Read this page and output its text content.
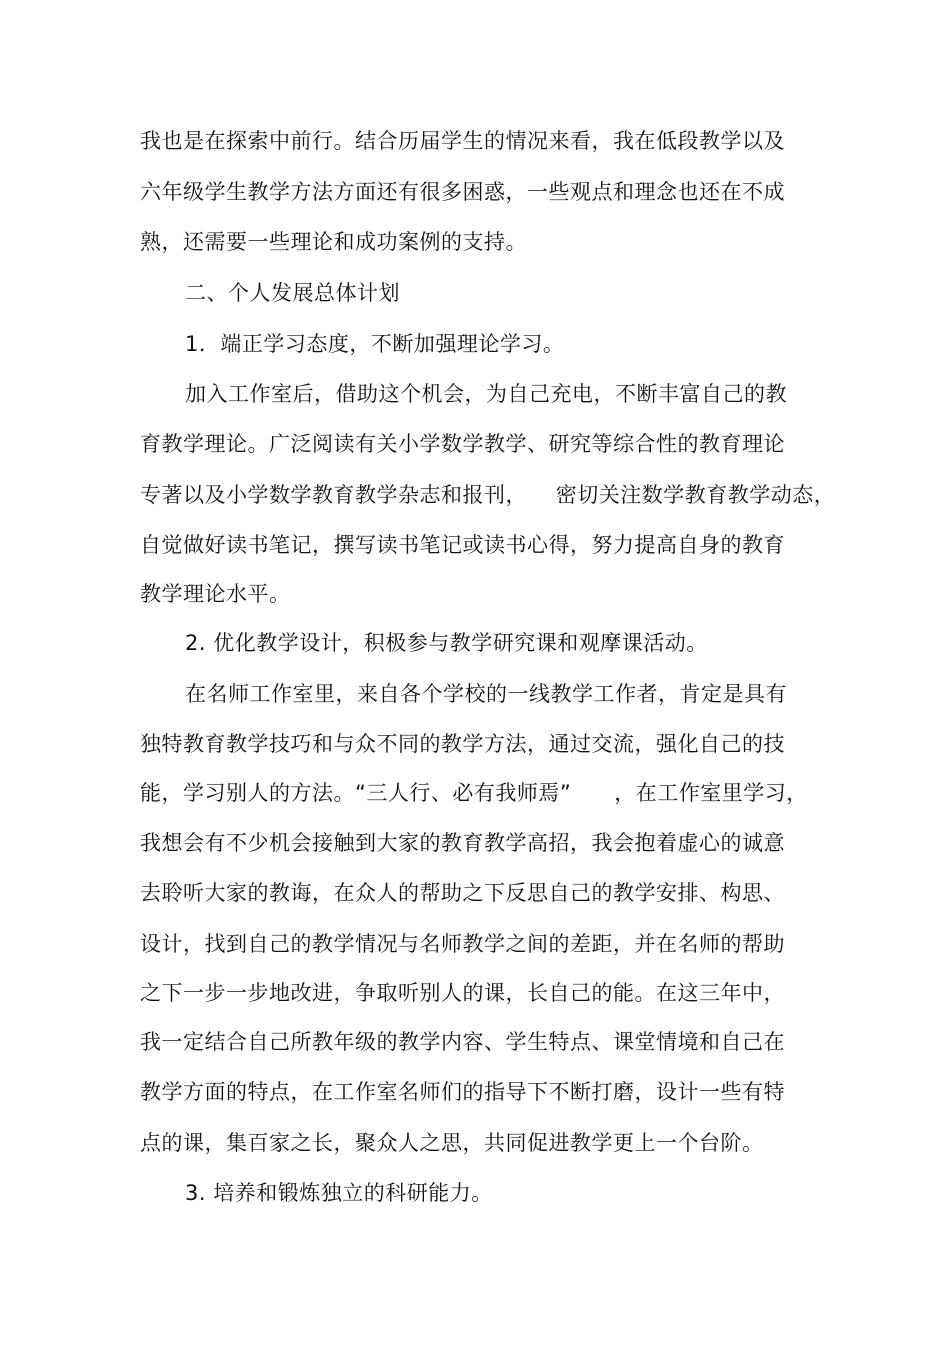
我也是在探索中前行。结合历届学生的情况来看，我在低段教学以及
六年级学生教学方法方面还有很多困惑，一些观点和理念也还在不成
熟，还需要一些理论和成功案例的支持。
二、个人发展总体计划
1．端正学习态度，不断加强理论学习。
加入工作室后，借助这个机会，为自己充电，不断丰富自己的教
育教学理论。广泛阅读有关小学数学教学、研究等综合性的教育理论
专著以及小学数学教育教学杂志和报刊，    密切关注数学教育教学动态，
自觉做好读书笔记，撰写读书笔记或读书心得，努力提高自身的教育
教学理论水平。
2. 优化教学设计，积极参与教学研究课和观摩课活动。
在名师工作室里，来自各个学校的一线教学工作者，肯定是具有
独特教育教学技巧和与众不同的教学方法，通过交流，强化自己的技
能，学习别人的方法。“三人行、必有我师焉”      ，在工作室里学习，
我想会有不少机会接触到大家的教育教学高招，我会抱着虚心的诚意
去聆听大家的教诲，在众人的帮助之下反思自己的教学安排、构思、
设计，找到自己的教学情况与名师教学之间的差距，并在名师的帮助
之下一步一步地改进，争取听别人的课，长自己的能。在这三年中，
我一定结合自己所教年级的教学内容、学生特点、课堂情境和自己在
教学方面的特点，在工作室名师们的指导下不断打磨，设计一些有特
点的课，集百家之长，聚众人之思，共同促进教学更上一个台阶。
3. 培养和锻炼独立的科研能力。
